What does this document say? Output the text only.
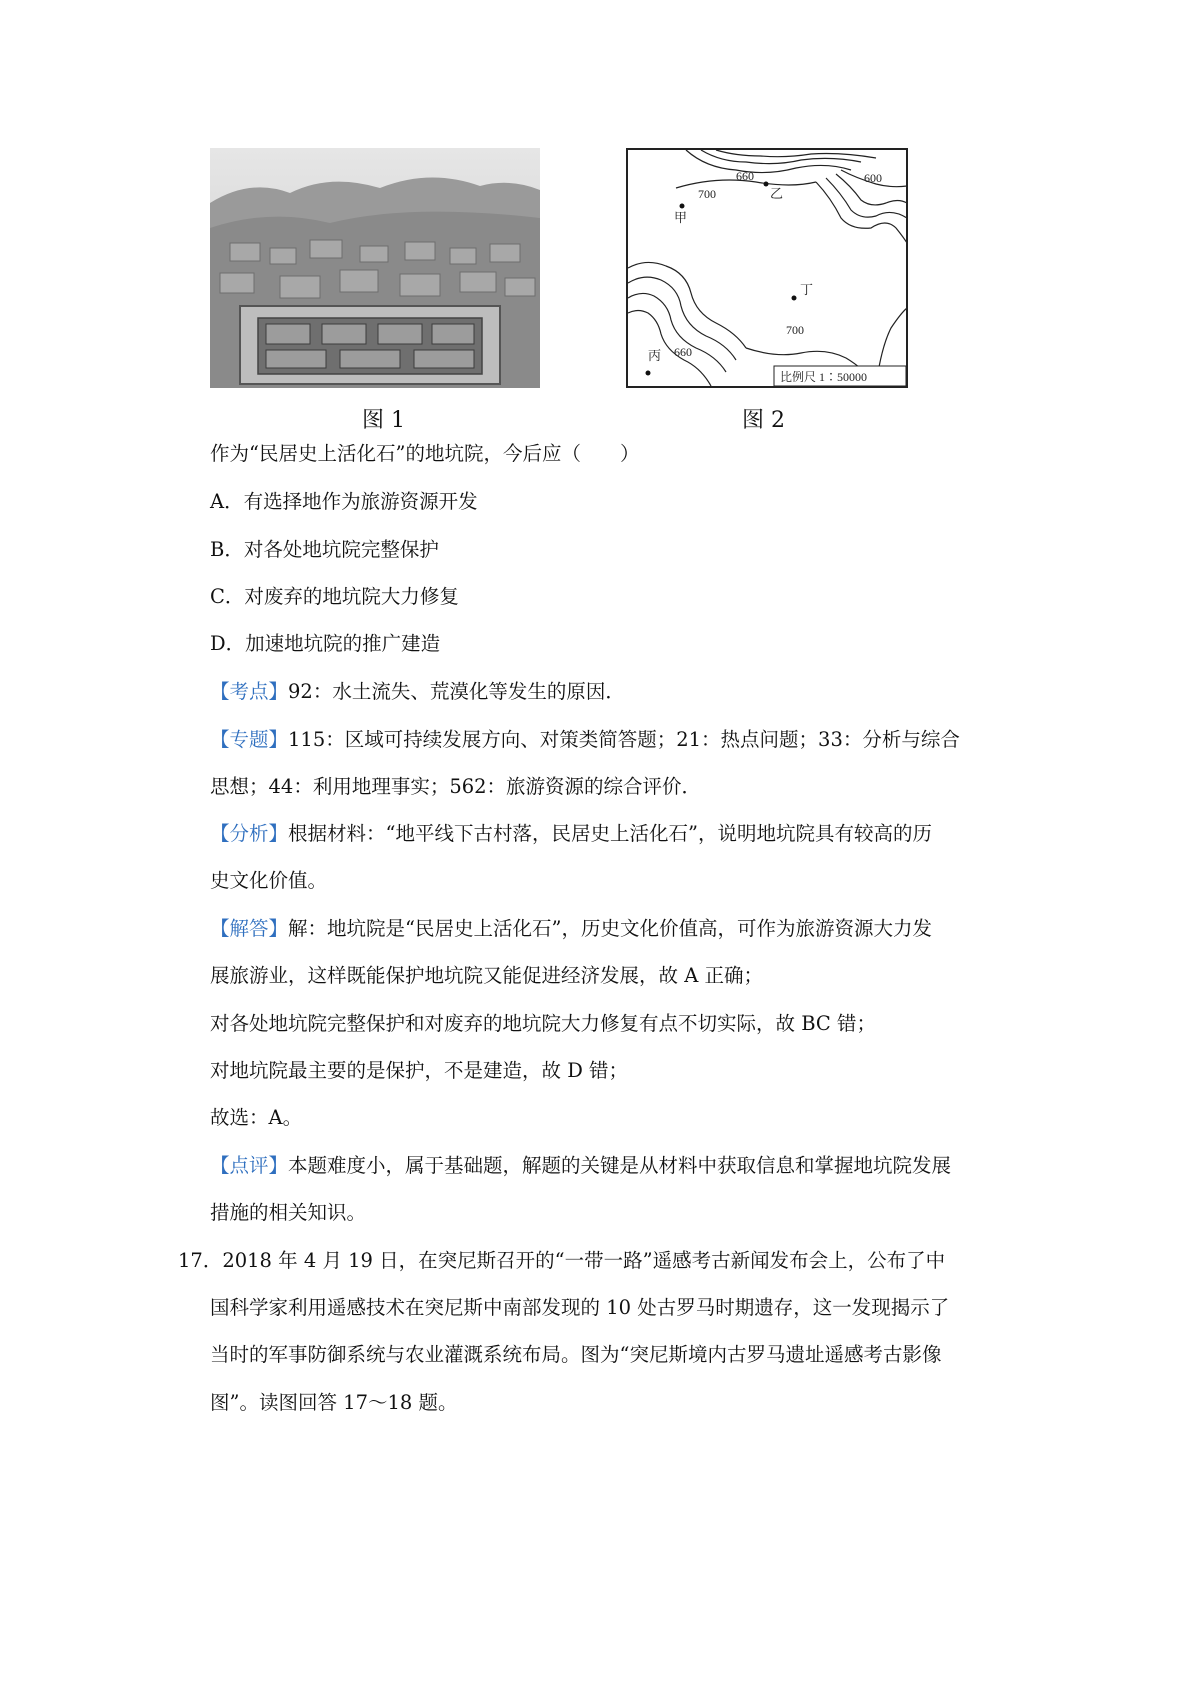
图 1
660	600
700
700
660
甲
乙
丙
丁
比例尺 1∶50000
图 2
作为“民居史上活化石”的地坑院，今后应（　　）
A．有选择地作为旅游资源开发
B．对各处地坑院完整保护
C．对废弃的地坑院大力修复
D．加速地坑院的推广建造
【考点】92：水土流失、荒漠化等发生的原因．
【专题】115：区域可持续发展方向、对策类简答题；21：热点问题；33：分析与综合
思想；44：利用地理事实；562：旅游资源的综合评价．
【分析】根据材料：“地平线下古村落，民居史上活化石”，说明地坑院具有较高的历
史文化价值。
【解答】解：地坑院是“民居史上活化石”，历史文化价值高，可作为旅游资源大力发
展旅游业，这样既能保护地坑院又能促进经济发展，故 A 正确；
对各处地坑院完整保护和对废弃的地坑院大力修复有点不切实际，故 BC 错；
对地坑院最主要的是保护，不是建造，故 D 错；
故选：A。
【点评】本题难度小，属于基础题，解题的关键是从材料中获取信息和掌握地坑院发展
措施的相关知识。
17．2018 年 4 月 19 日，在突尼斯召开的“一带一路”遥感考古新闻发布会上，公布了中
国科学家利用遥感技术在突尼斯中南部发现的 10 处古罗马时期遗存，这一发现揭示了
当时的军事防御系统与农业灌溉系统布局。图为“突尼斯境内古罗马遗址遥感考古影像
图”。读图回答 17～18 题。
